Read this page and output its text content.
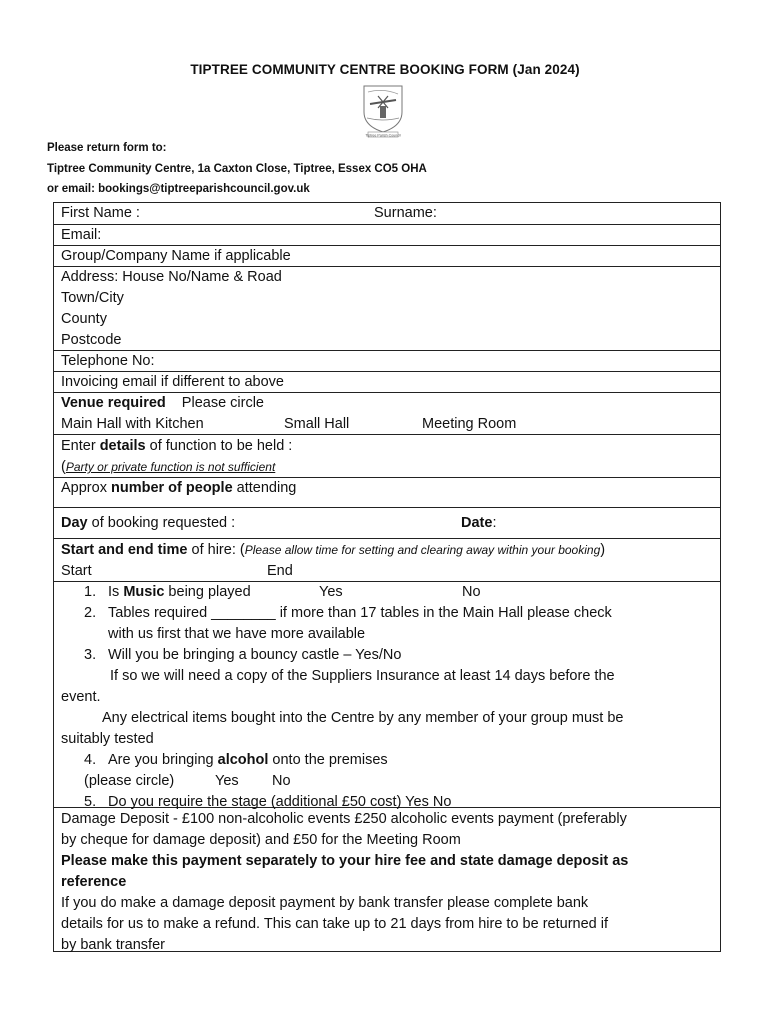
TIPTREE COMMUNITY CENTRE BOOKING FORM (Jan 2024)
Tiptree Parish Council
Please return form to:
Tiptree Community Centre, 1a Caxton Close, Tiptree, Essex CO5 OHA
or email: bookings@tiptreeparishcouncil.gov.uk
First Name :	Surname:
Email:
Group/Company Name if applicable
Address: House No/Name & Road
Town/City
County
Postcode
Telephone No:
Invoicing email if different to above
Venue required Please circle
Main Hall with Kitchen	Small Hall	Meeting Room
Enter details of function to be held :
(Party or private function is not sufficient
Approx number of people attending
Day of booking requested :	Date:
Start and end time of hire: (Please allow time for setting and clearing away within your booking)
Start	End
1. Is Music being played	Yes	No
2. Tables required ________ if more than 17 tables in the Main Hall please check
with us first that we have more available
3. Will you be bringing a bouncy castle – Yes/No
If so we will need a copy of the Suppliers Insurance at least 14 days before the
event.
Any electrical items bought into the Centre by any member of your group must be
suitably tested
4. Are you bringing alcohol onto the premises
(please circle)	Yes No
5. Do you require the stage (additional £50 cost) Yes No
Damage Deposit - £100 non-alcoholic events £250 alcoholic events payment (preferably
by cheque for damage deposit) and £50 for the Meeting Room
Please make this payment separately to your hire fee and state damage deposit as
reference
If you do make a damage deposit payment by bank transfer please complete bank
details for us to make a refund. This can take up to 21 days from hire to be returned if
by bank transfer
